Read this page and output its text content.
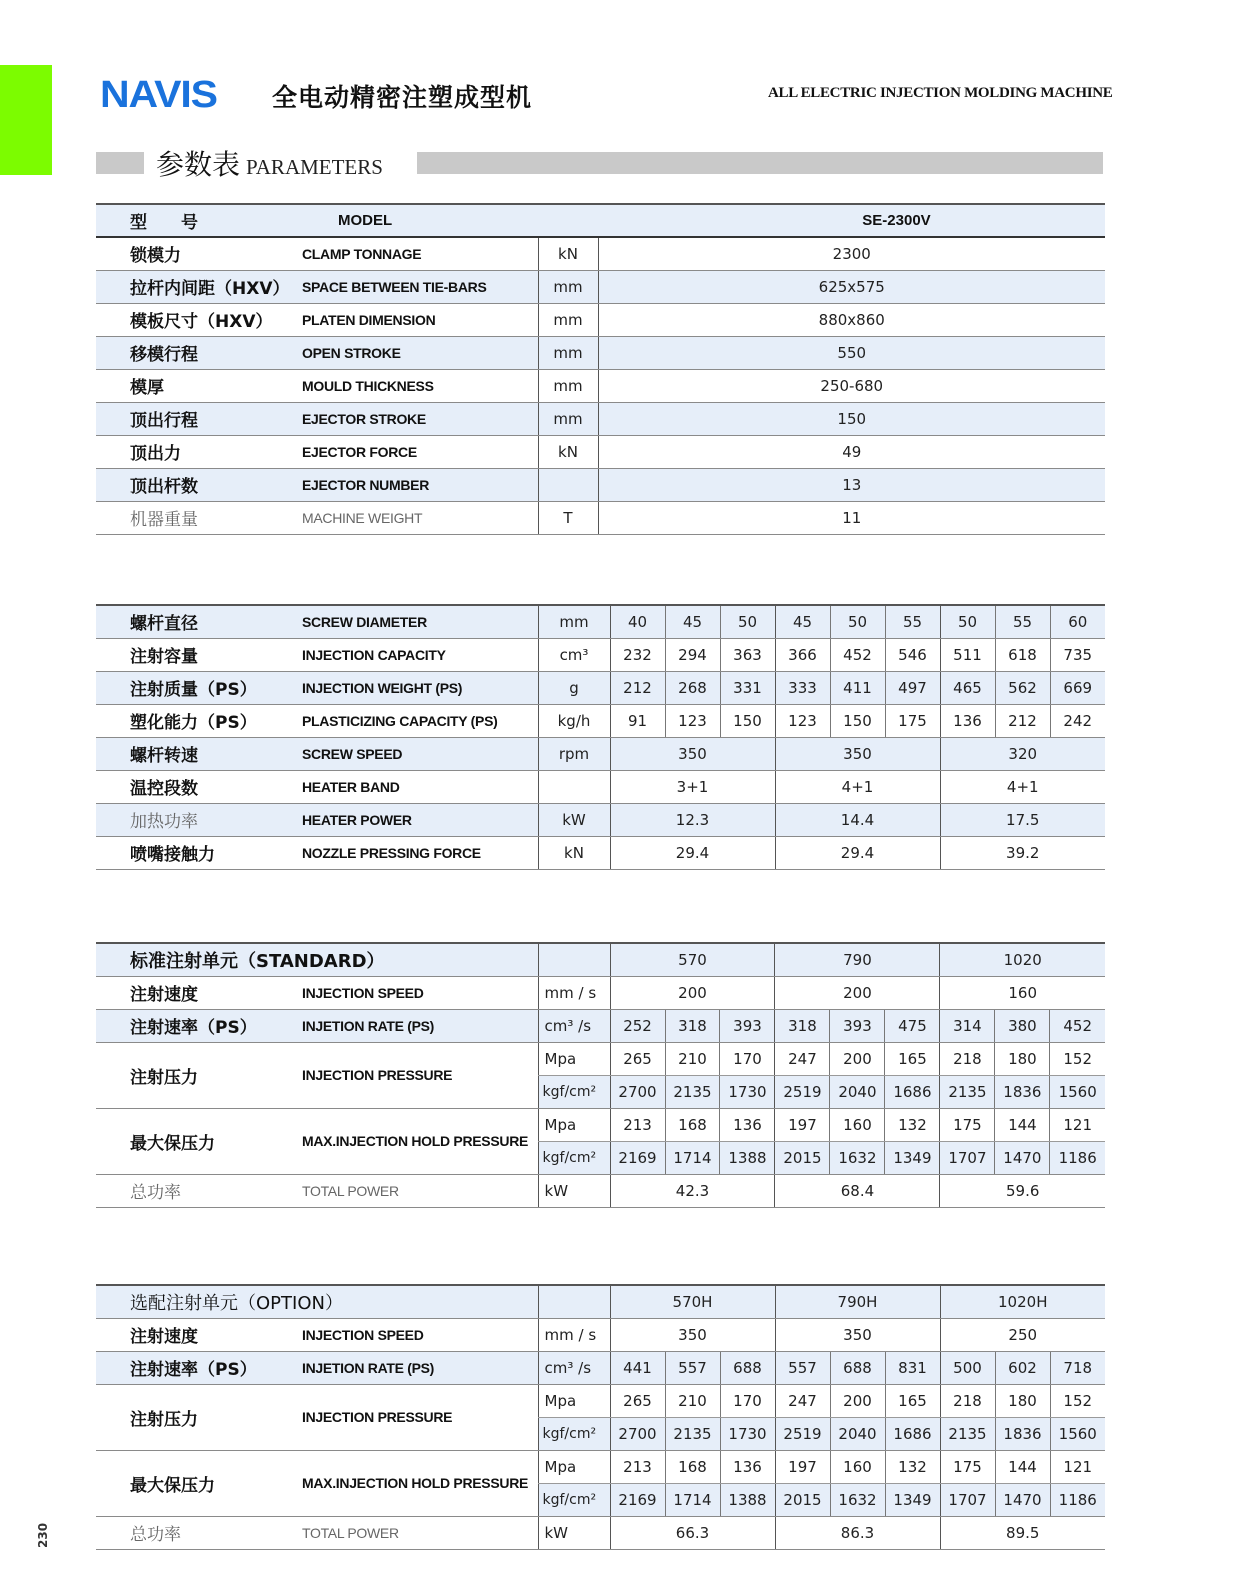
NAVIS 全电动精密注塑成型机	ALL ELECTRIC INJECTION MOLDING MACHINE
参数表 PARAMETERS
型　　号	MODEL	SE-2300V	
锁模力	CLAMP TONNAGE	kN	2300
拉杆内间距（HXV）	SPACE BETWEEN TIE-BARS	mm	625x575
模板尺寸（HXV）	PLATEN DIMENSION	mm	880x860
移模行程	OPEN STROKE	mm	550
模厚	MOULD THICKNESS	mm	250-680
顶出行程	EJECTOR STROKE	mm	150
顶出力	EJECTOR FORCE	kN	49
顶出杆数	EJECTOR NUMBER		13
机器重量	MACHINE WEIGHT	T	11
螺杆直径	SCREW DIAMETER	mm	40	45	50	45	50	55	50	55	60
注射容量	INJECTION CAPACITY	cm³	232	294	363	366	452	546	511	618	735
注射质量（PS）	INJECTION WEIGHT (PS)	g	212	268	331	333	411	497	465	562	669
塑化能力（PS）	PLASTICIZING CAPACITY (PS)	kg/h	91	123	150	123	150	175	136	212	242
螺杆转速	SCREW SPEED	rpm	350			350			320		
温控段数	HEATER BAND		3+1			4+1			4+1		
加热功率	HEATER POWER	kW	12.3			14.4			17.5		
喷嘴接触力	NOZZLE PRESSING FORCE	kN	29.4			29.4			39.2		
标准注射单元（STANDARD）			570			790			1020		
注射速度	INJECTION SPEED	mm / s	200			200			160		
注射速率（PS）	INJETION RATE (PS)	cm³ /s	252	318	393	318	393	475	314	380	452
注射压力	INJECTION PRESSURE	Mpa	265	210	170	247	200	165	218	180	152
		kgf/cm²	2700	2135	1730	2519	2040	1686	2135	1836	1560
最大保压力	MAX.INJECTION HOLD PRESSURE	Mpa	213	168	136	197	160	132	175	144	121
		kgf/cm²	2169	1714	1388	2015	1632	1349	1707	1470	1186
总功率	TOTAL POWER	kW	42.3			68.4			59.6		
选配注射单元（OPTION）			570H			790H			1020H		
注射速度	INJECTION SPEED	mm / s	350			350			250		
注射速率（PS）	INJETION RATE (PS)	cm³ /s	441	557	688	557	688	831	500	602	718
注射压力	INJECTION PRESSURE	Mpa	265	210	170	247	200	165	218	180	152
		kgf/cm²	2700	2135	1730	2519	2040	1686	2135	1836	1560
最大保压力	MAX.INJECTION HOLD PRESSURE	Mpa	213	168	136	197	160	132	175	144	121
		kgf/cm²	2169	1714	1388	2015	1632	1349	1707	1470	1186
总功率	TOTAL POWER	kW	66.3			86.3			89.5		
230
